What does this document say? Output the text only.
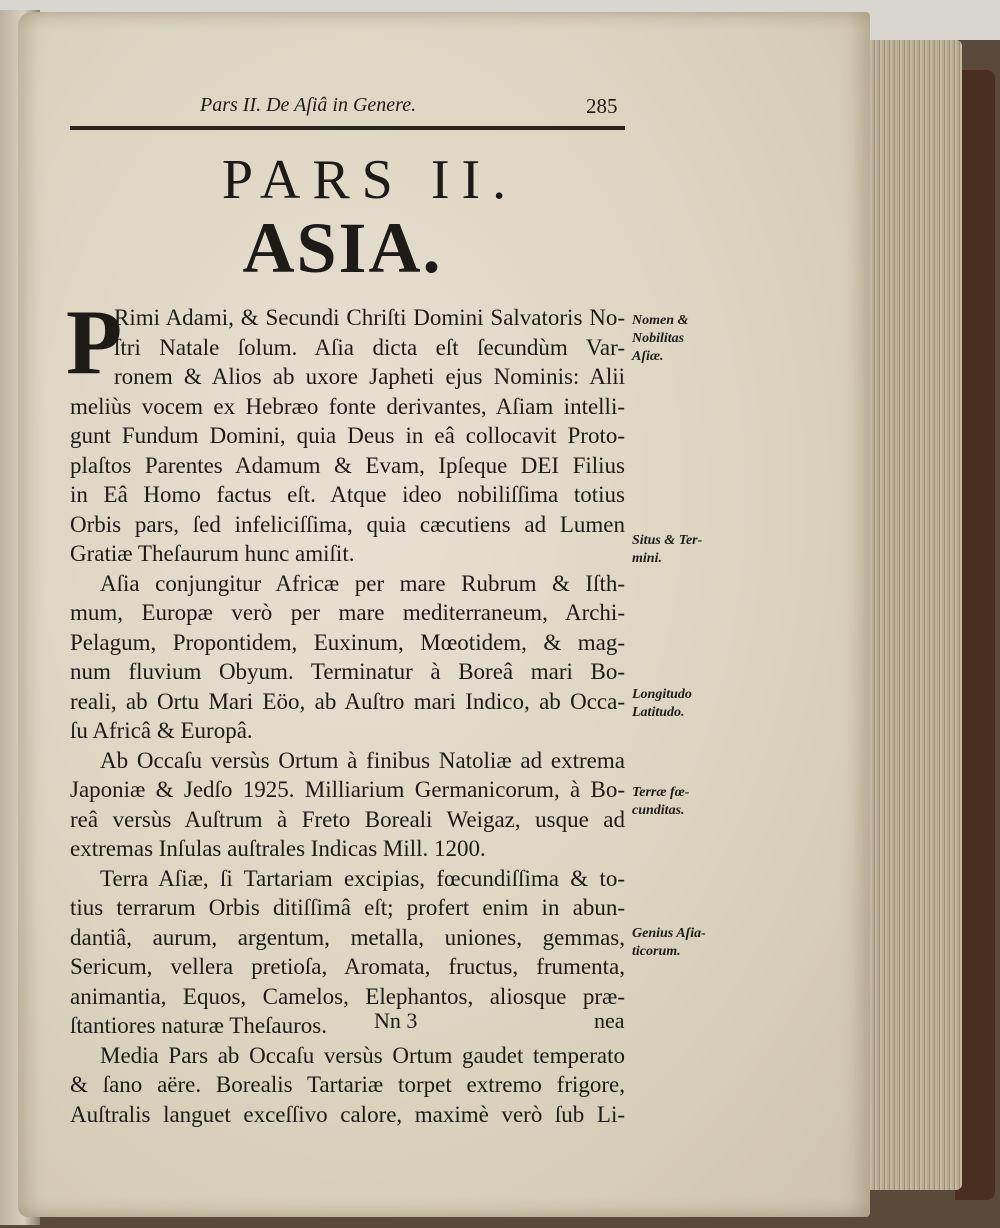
Pars II. De Aſiâ in Genere.	285
PARS II.
ASIA.
P
Rimi Adami, & Secundi Chriſti Domini Salvatoris No-
ſtri Natale ſolum. Aſia dicta eſt ſecundùm Var-
ronem & Alios ab uxore Japheti ejus Nominis: Alii
meliùs vocem ex Hebræo fonte derivantes, Aſiam intelli-
gunt Fundum Domini, quia Deus in eâ collocavit Proto-
plaſtos Parentes Adamum & Evam, Ipſeque DEI Filius
in Eâ Homo factus eſt. Atque ideo nobiliſſima totius
Orbis pars, ſed infeliciſſima, quia cæcutiens ad Lumen
Gratiæ Theſaurum hunc amiſit.
Aſia conjungitur Africæ per mare Rubrum & Iſth-
mum, Europæ verò per mare mediterraneum, Archi-
Pelagum, Propontidem, Euxinum, Mœotidem, & mag-
num fluvium Obyum. Terminatur à Boreâ mari Bo-
reali, ab Ortu Mari Eöo, ab Auſtro mari Indico, ab Occa-
ſu Africâ & Europâ.
Ab Occaſu versùs Ortum à finibus Natoliæ ad extrema
Japoniæ & Jedſo 1925. Milliarium Germanicorum, à Bo-
reâ versùs Auſtrum à Freto Boreali Weigaz, usque ad
extremas Inſulas auſtrales Indicas Mill. 1200.
Terra Aſiæ, ſi Tartariam excipias, fœcundiſſima & to-
tius terrarum Orbis ditiſſimâ eſt; profert enim in abun-
dantiâ, aurum, argentum, metalla, uniones, gemmas,
Sericum, vellera pretioſa, Aromata, fructus, frumenta,
animantia, Equos, Camelos, Elephantos, aliosque præ-
ſtantiores naturæ Theſauros.
Media Pars ab Occaſu versùs Ortum gaudet temperato
& ſano aëre. Borealis Tartariæ torpet extremo frigore,
Auſtralis languet exceſſivo calore, maximè verò ſub Li-
Nomen &
Nobilitas
Aſiæ.
Situs & Ter-
mini.
Longitudo
Latitudo.
Terræ fœ-
cunditas.
Genius Aſia-
ticorum.
Nn 3	nea
